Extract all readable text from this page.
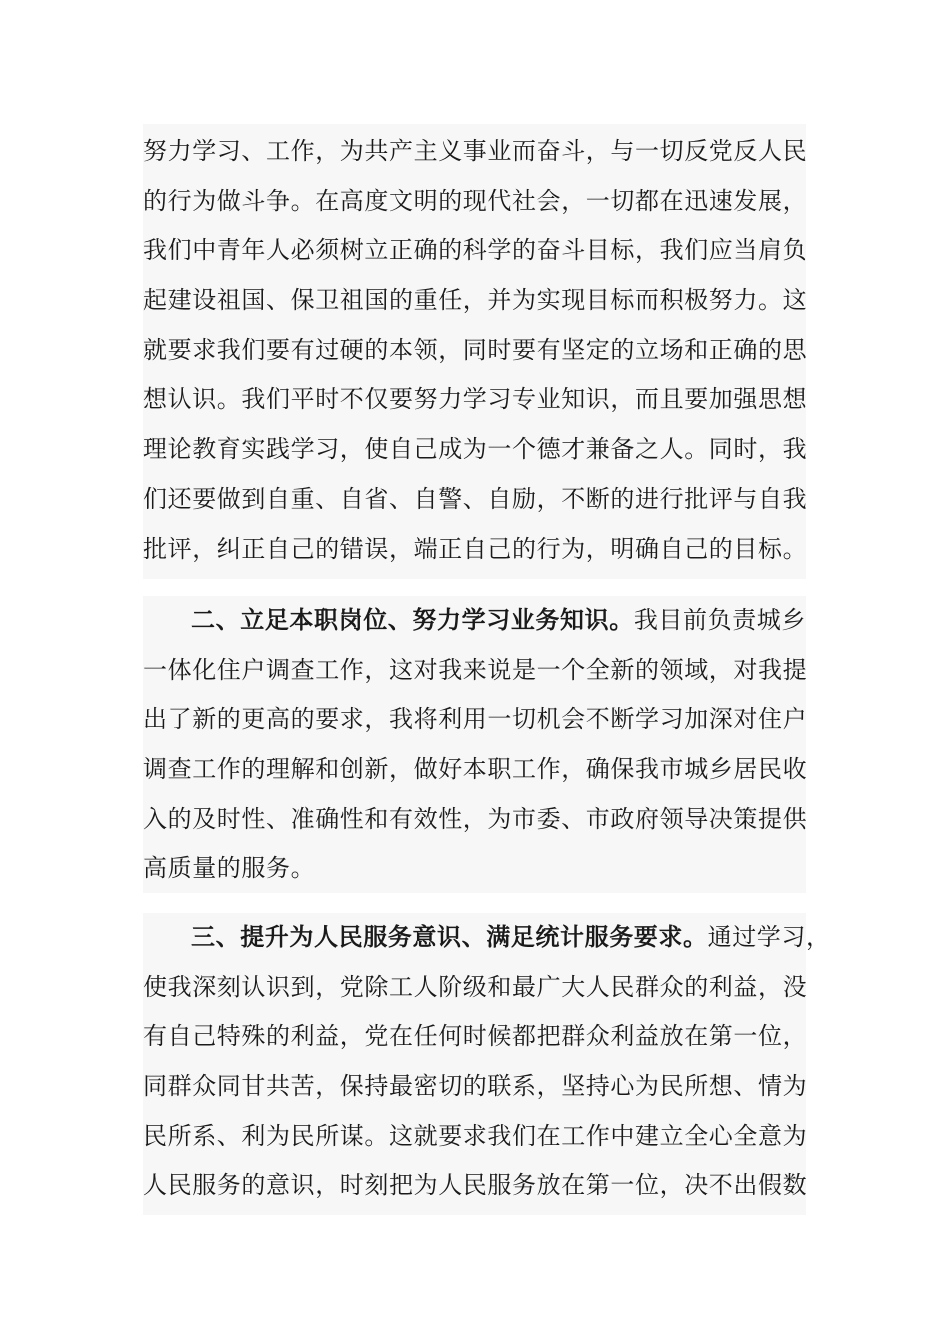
努力学习、工作，为共产主义事业而奋斗，与一切反党反人民
的行为做斗争。在高度文明的现代社会，一切都在迅速发展，
我们中青年人必须树立正确的科学的奋斗目标，我们应当肩负
起建设祖国、保卫祖国的重任，并为实现目标而积极努力。这
就要求我们要有过硬的本领，同时要有坚定的立场和正确的思
想认识。我们平时不仅要努力学习专业知识，而且要加强思想
理论教育实践学习，使自己成为一个德才兼备之人。同时，我
们还要做到自重、自省、自警、自励，不断的进行批评与自我
批评，纠正自己的错误，端正自己的行为，明确自己的目标。
二、立足本职岗位、努力学习业务知识。我目前负责城乡
一体化住户调查工作，这对我来说是一个全新的领域，对我提
出了新的更高的要求，我将利用一切机会不断学习加深对住户
调查工作的理解和创新，做好本职工作，确保我市城乡居民收
入的及时性、准确性和有效性，为市委、市政府领导决策提供
高质量的服务。
三、提升为人民服务意识、满足统计服务要求。通过学习，
使我深刻认识到，党除工人阶级和最广大人民群众的利益，没
有自己特殊的利益，党在任何时候都把群众利益放在第一位，
同群众同甘共苦，保持最密切的联系，坚持心为民所想、情为
民所系、利为民所谋。这就要求我们在工作中建立全心全意为
人民服务的意识，时刻把为人民服务放在第一位，决不出假数
